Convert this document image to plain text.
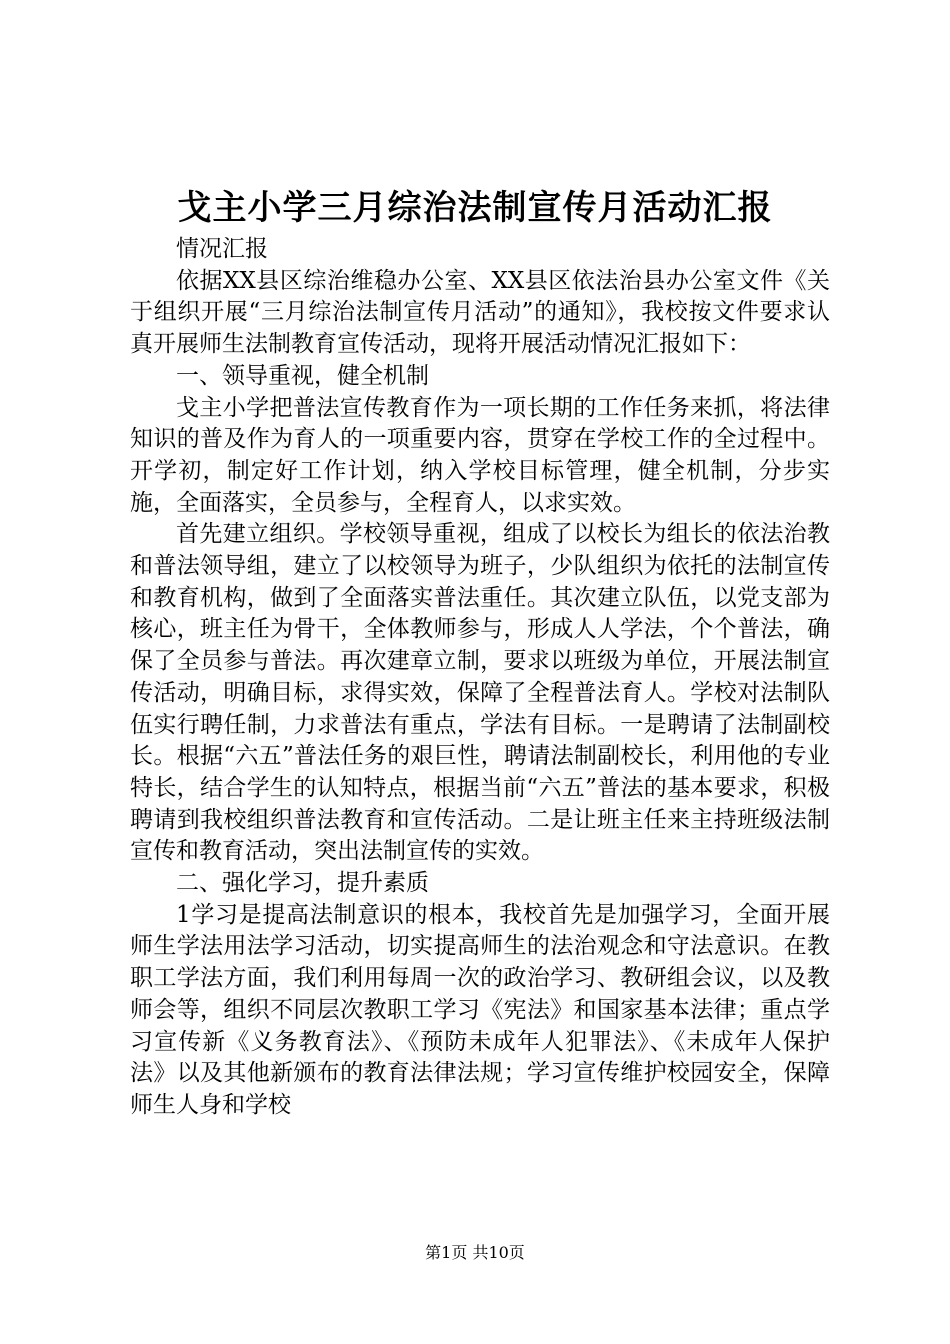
戈主小学三月综治法制宣传月活动汇报

情况汇报

依据XX县区综治维稳办公室、XX县区依法治县办公室文件《关于组织开展“三月综治法制宣传月活动”的通知》，我校按文件要求认真开展师生法制教育宣传活动，现将开展活动情况汇报如下：

一、领导重视，健全机制

戈主小学把普法宣传教育作为一项长期的工作任务来抓，将法律知识的普及作为育人的一项重要内容，贯穿在学校工作的全过程中。开学初，制定好工作计划，纳入学校目标管理，健全机制，分步实施，全面落实，全员参与，全程育人，以求实效。

首先建立组织。学校领导重视，组成了以校长为组长的依法治教和普法领导组，建立了以校领导为班子，少队组织为依托的法制宣传和教育机构，做到了全面落实普法重任。其次建立队伍，以党支部为核心，班主任为骨干，全体教师参与，形成人人学法，个个普法，确保了全员参与普法。再次建章立制，要求以班级为单位，开展法制宣传活动，明确目标，求得实效，保障了全程普法育人。学校对法制队伍实行聘任制，力求普法有重点，学法有目标。一是聘请了法制副校长。根据“六五”普法任务的艰巨性，聘请法制副校长，利用他的专业特长，结合学生的认知特点，根据当前“六五”普法的基本要求，积极聘请到我校组织普法教育和宣传活动。二是让班主任来主持班级法制宣传和教育活动，突出法制宣传的实效。

二、强化学习，提升素质

1学习是提高法制意识的根本，我校首先是加强学习，全面开展师生学法用法学习活动，切实提高师生的法治观念和守法意识。在教职工学法方面，我们利用每周一次的政治学习、教研组会议，以及教师会等，组织不同层次教职工学习《宪法》和国家基本法律；重点学习宣传新《义务教育法》、《预防未成年人犯罪法》、《未成年人保护法》以及其他新颁布的教育法律法规；学习宣传维护校园安全，保障师生人身和学校

第1页 共10页
